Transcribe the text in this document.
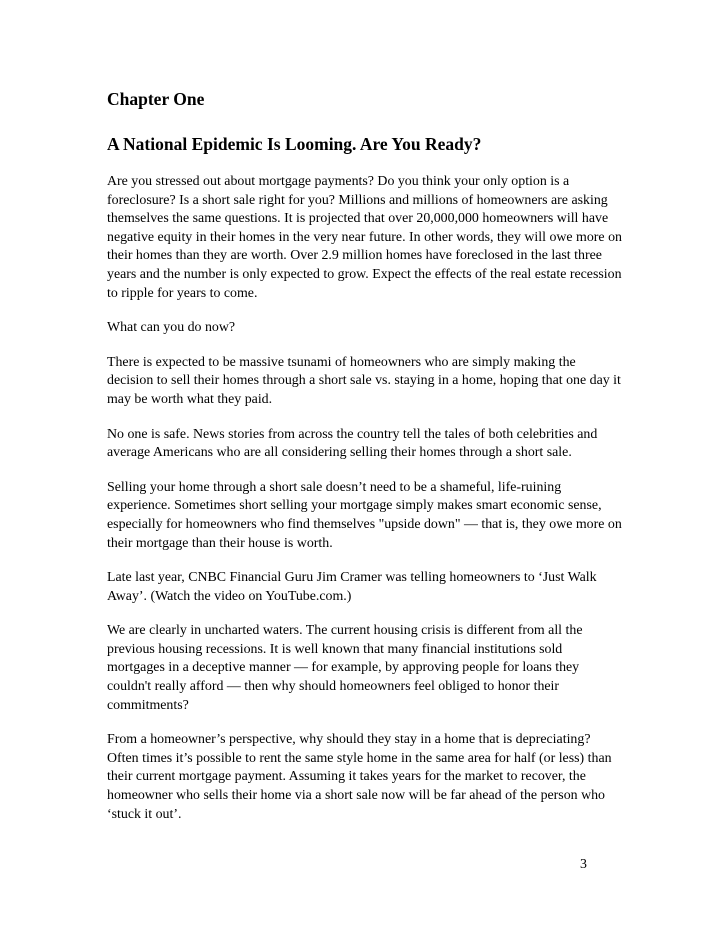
Chapter One
A National Epidemic Is Looming. Are You Ready?

Are you stressed out about mortgage payments? Do you think your only option is a foreclosure? Is a short sale right for you? Millions and millions of homeowners are asking themselves the same questions. It is projected that over 20,000,000 homeowners will have negative equity in their homes in the very near future. In other words, they will owe more on their homes than they are worth. Over 2.9 million homes have foreclosed in the last three years and the number is only expected to grow. Expect the effects of the real estate recession to ripple for years to come.

What can you do now?

There is expected to be massive tsunami of homeowners who are simply making the decision to sell their homes through a short sale vs. staying in a home, hoping that one day it may be worth what they paid.

No one is safe. News stories from across the country tell the tales of both celebrities and average Americans who are all considering selling their homes through a short sale.

Selling your home through a short sale doesn’t need to be a shameful, life-ruining experience. Sometimes short selling your mortgage simply makes smart economic sense, especially for homeowners who find themselves "upside down" — that is, they owe more on their mortgage than their house is worth.

Late last year, CNBC Financial Guru Jim Cramer was telling homeowners to ‘Just Walk Away’. (Watch the video on YouTube.com.)

We are clearly in uncharted waters. The current housing crisis is different from all the previous housing recessions. It is well known that many financial institutions sold mortgages in a deceptive manner — for example, by approving people for loans they couldn't really afford — then why should homeowners feel obliged to honor their commitments?

From a homeowner’s perspective, why should they stay in a home that is depreciating? Often times it’s possible to rent the same style home in the same area for half (or less) than their current mortgage payment. Assuming it takes years for the market to recover, the homeowner who sells their home via a short sale now will be far ahead of the person who ‘stuck it out’.

3
